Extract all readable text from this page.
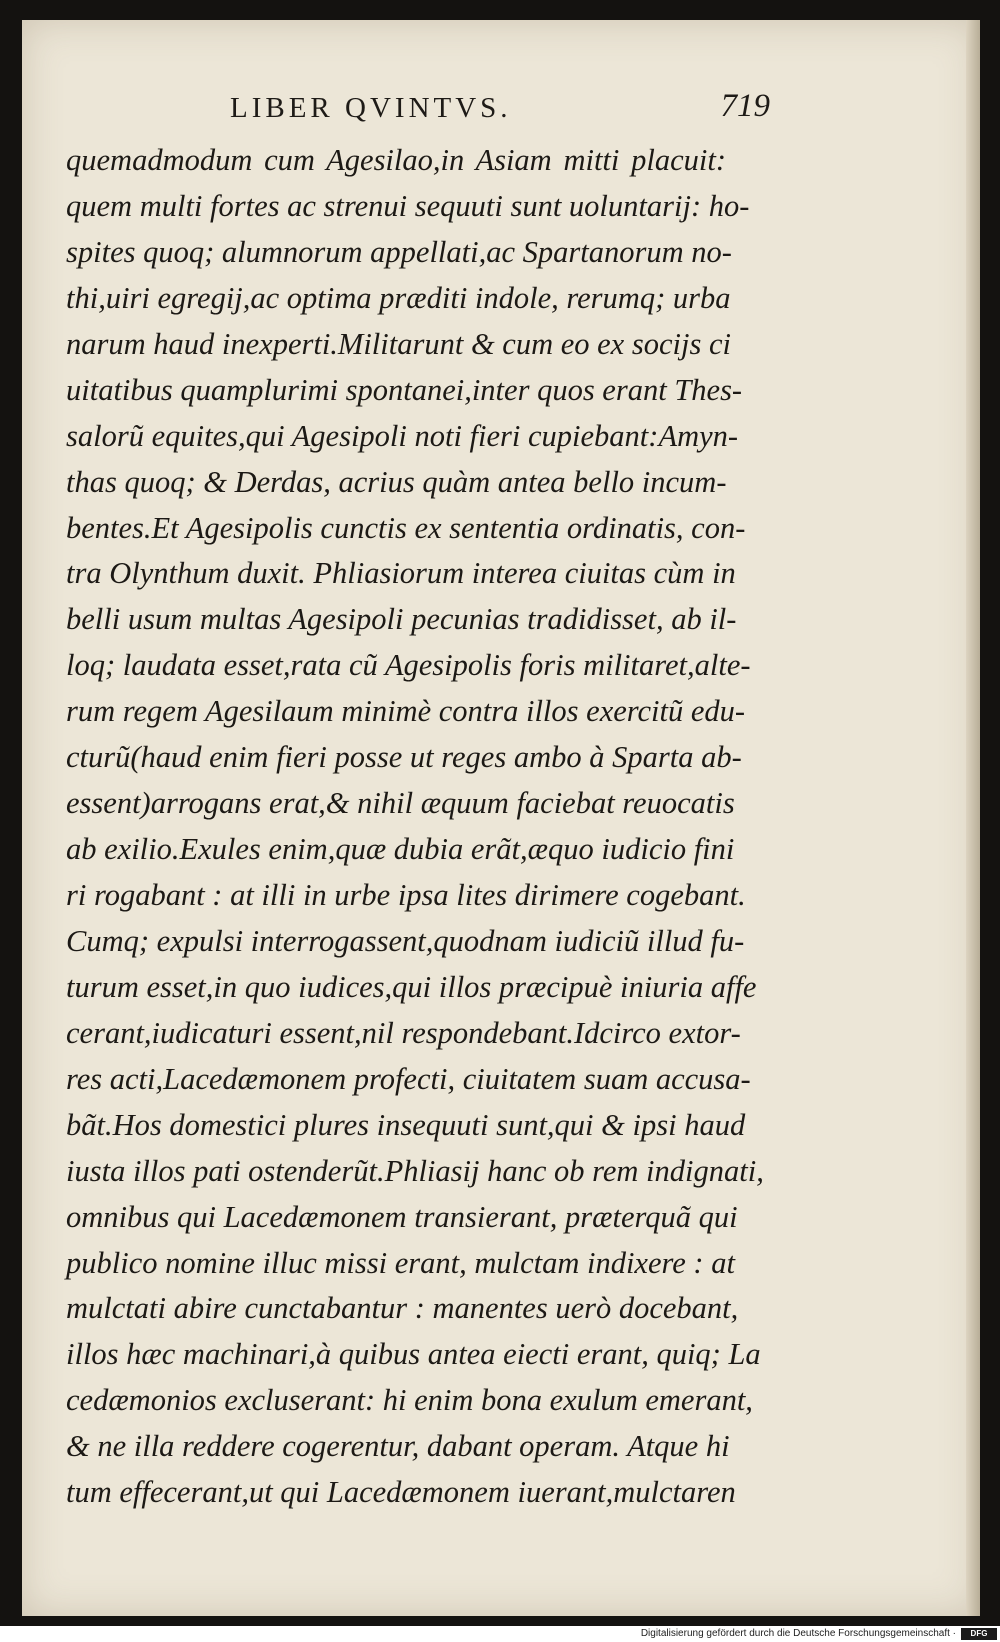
LIBER QVINTVS.	719
quemadmodum cum Agesilao,in Asiam mitti placuit:
quem multi fortes ac strenui sequuti sunt uoluntarij: ho-
spites quoq; alumnorum appellati,ac Spartanorum no-
thi,uiri egregij,ac optima præditi indole, rerumq; urba
narum haud inexperti.Militarunt & cum eo ex socijs ci
uitatibus quamplurimi spontanei,inter quos erant Thes-
salorũ equites,qui Agesipoli noti fieri cupiebant:Amyn-
thas quoq; & Derdas, acrius quàm antea bello incum-
bentes.Et Agesipolis cunctis ex sententia ordinatis, con-
tra Olynthum duxit. Phliasiorum interea ciuitas cùm in
belli usum multas Agesipoli pecunias tradidisset, ab il-
loq; laudata esset,rata cũ Agesipolis foris militaret,alte-
rum regem Agesilaum minimè contra illos exercitũ edu-
cturũ(haud enim fieri posse ut reges ambo à Sparta ab-
essent)arrogans erat,& nihil æquum faciebat reuocatis
ab exilio.Exules enim,quæ dubia erãt,æquo iudicio fini
ri rogabant : at illi in urbe ipsa lites dirimere cogebant.
Cumq; expulsi interrogassent,quodnam iudiciũ illud fu-
turum esset,in quo iudices,qui illos præcipuè iniuria affe
cerant,iudicaturi essent,nil respondebant.Idcirco extor-
res acti,Lacedæmonem profecti, ciuitatem suam accusa-
bãt.Hos domestici plures insequuti sunt,qui & ipsi haud
iusta illos pati ostenderũt.Phliasij hanc ob rem indignati,
omnibus qui Lacedæmonem transierant, præterquã qui
publico nomine illuc missi erant, mulctam indixere : at
mulctati abire cunctabantur : manentes uerò docebant,
illos hæc machinari,à quibus antea eiecti erant, quiq; La
cedæmonios excluserant: hi enim bona exulum emerant,
& ne illa reddere cogerentur, dabant operam. Atque hi
tum effecerant,ut qui Lacedæmonem iuerant,mulctaren
Digitalisierung gefördert durch die Deutsche Forschungsgemeinschaft ·	DFG
